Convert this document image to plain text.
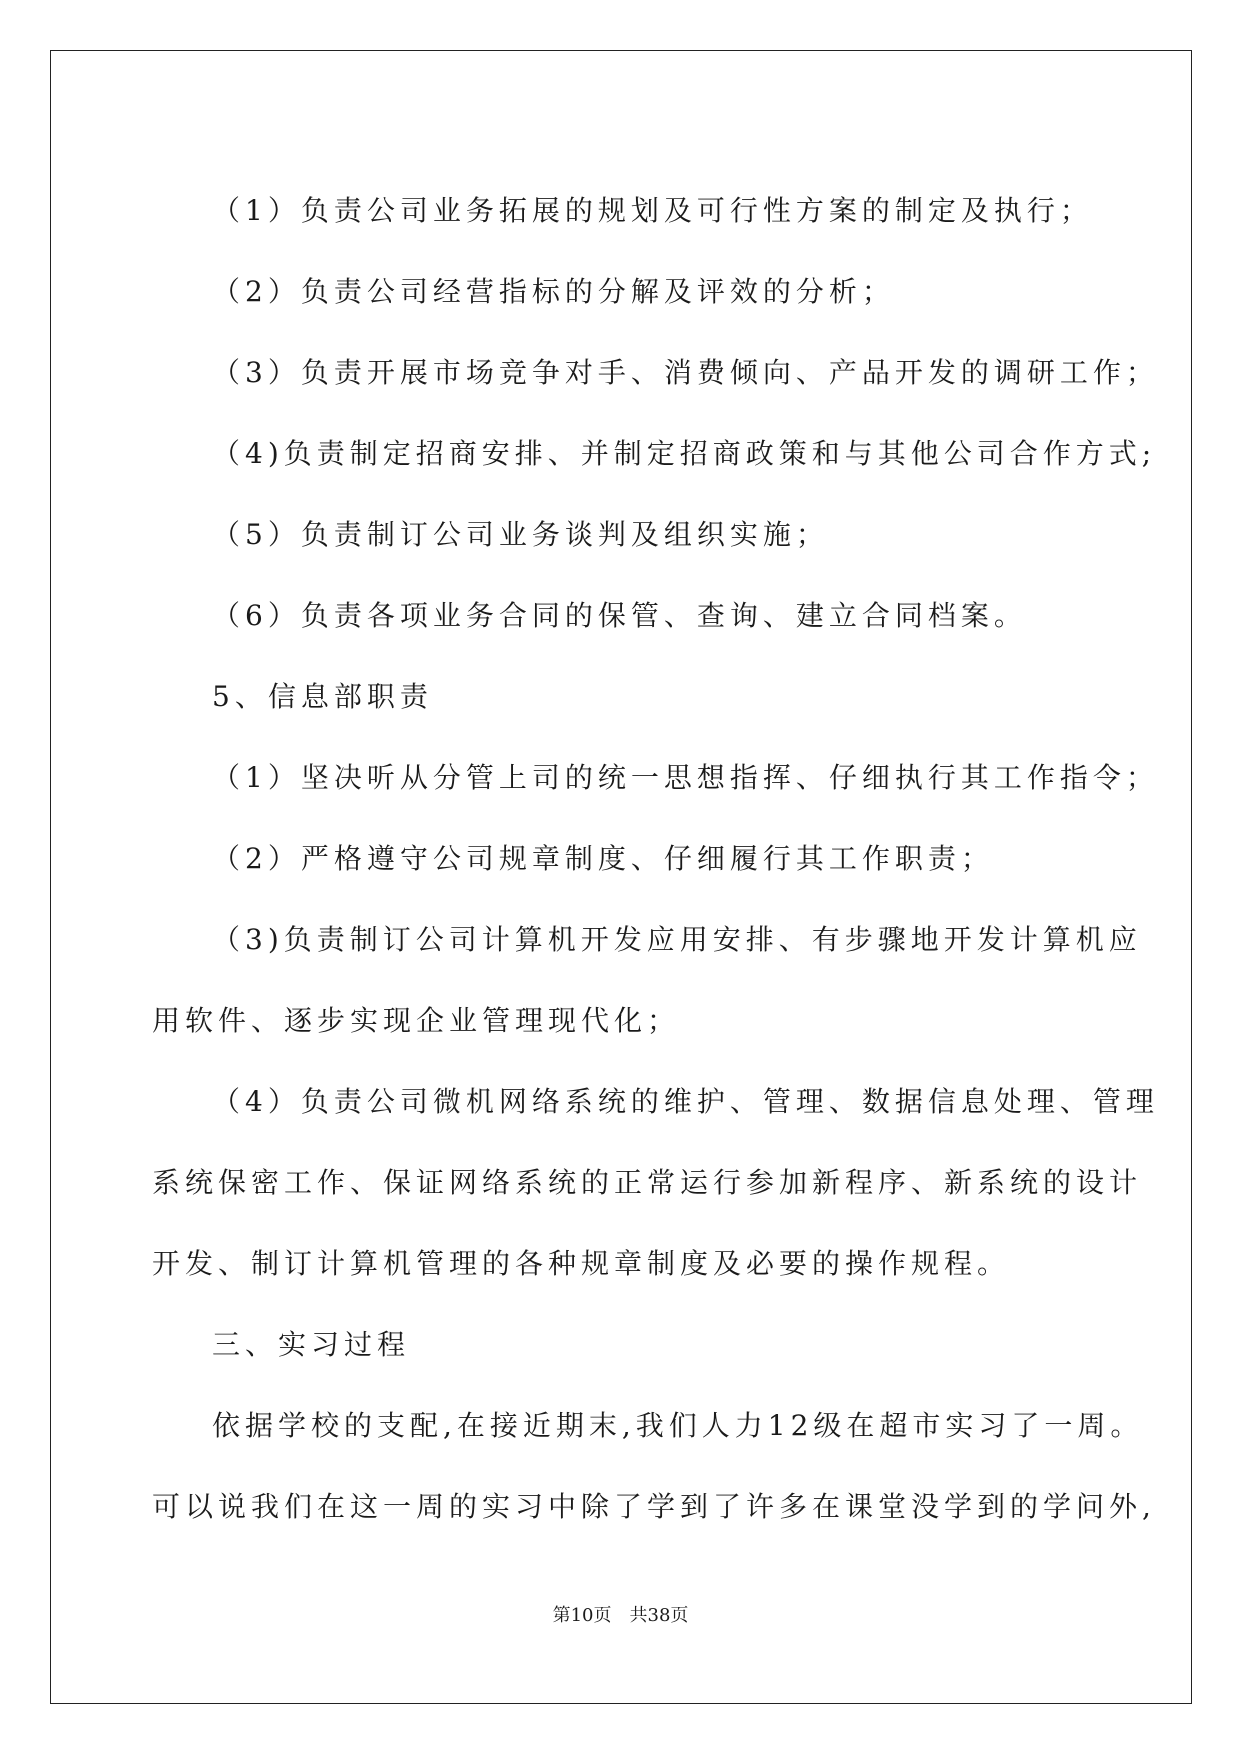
（1）负责公司业务拓展的规划及可行性方案的制定及执行；
（2）负责公司经营指标的分解及评效的分析；
（3）负责开展市场竞争对手、消费倾向、产品开发的调研工作；
（4)负责制定招商安排、并制定招商政策和与其他公司合作方式;
（5）负责制订公司业务谈判及组织实施；
（6）负责各项业务合同的保管、查询、建立合同档案。
5、信息部职责
（1）坚决听从分管上司的统一思想指挥、仔细执行其工作指令；
（2）严格遵守公司规章制度、仔细履行其工作职责；
（3)负责制订公司计算机开发应用安排、有步骤地开发计算机应
用软件、逐步实现企业管理现代化；
（4）负责公司微机网络系统的维护、管理、数据信息处理、管理
系统保密工作、保证网络系统的正常运行参加新程序、新系统的设计
开发、制订计算机管理的各种规章制度及必要的操作规程。
三、实习过程
依据学校的支配,在接近期末,我们人力12级在超市实习了一周。
可以说我们在这一周的实习中除了学到了许多在课堂没学到的学问外,
第10页　共38页
